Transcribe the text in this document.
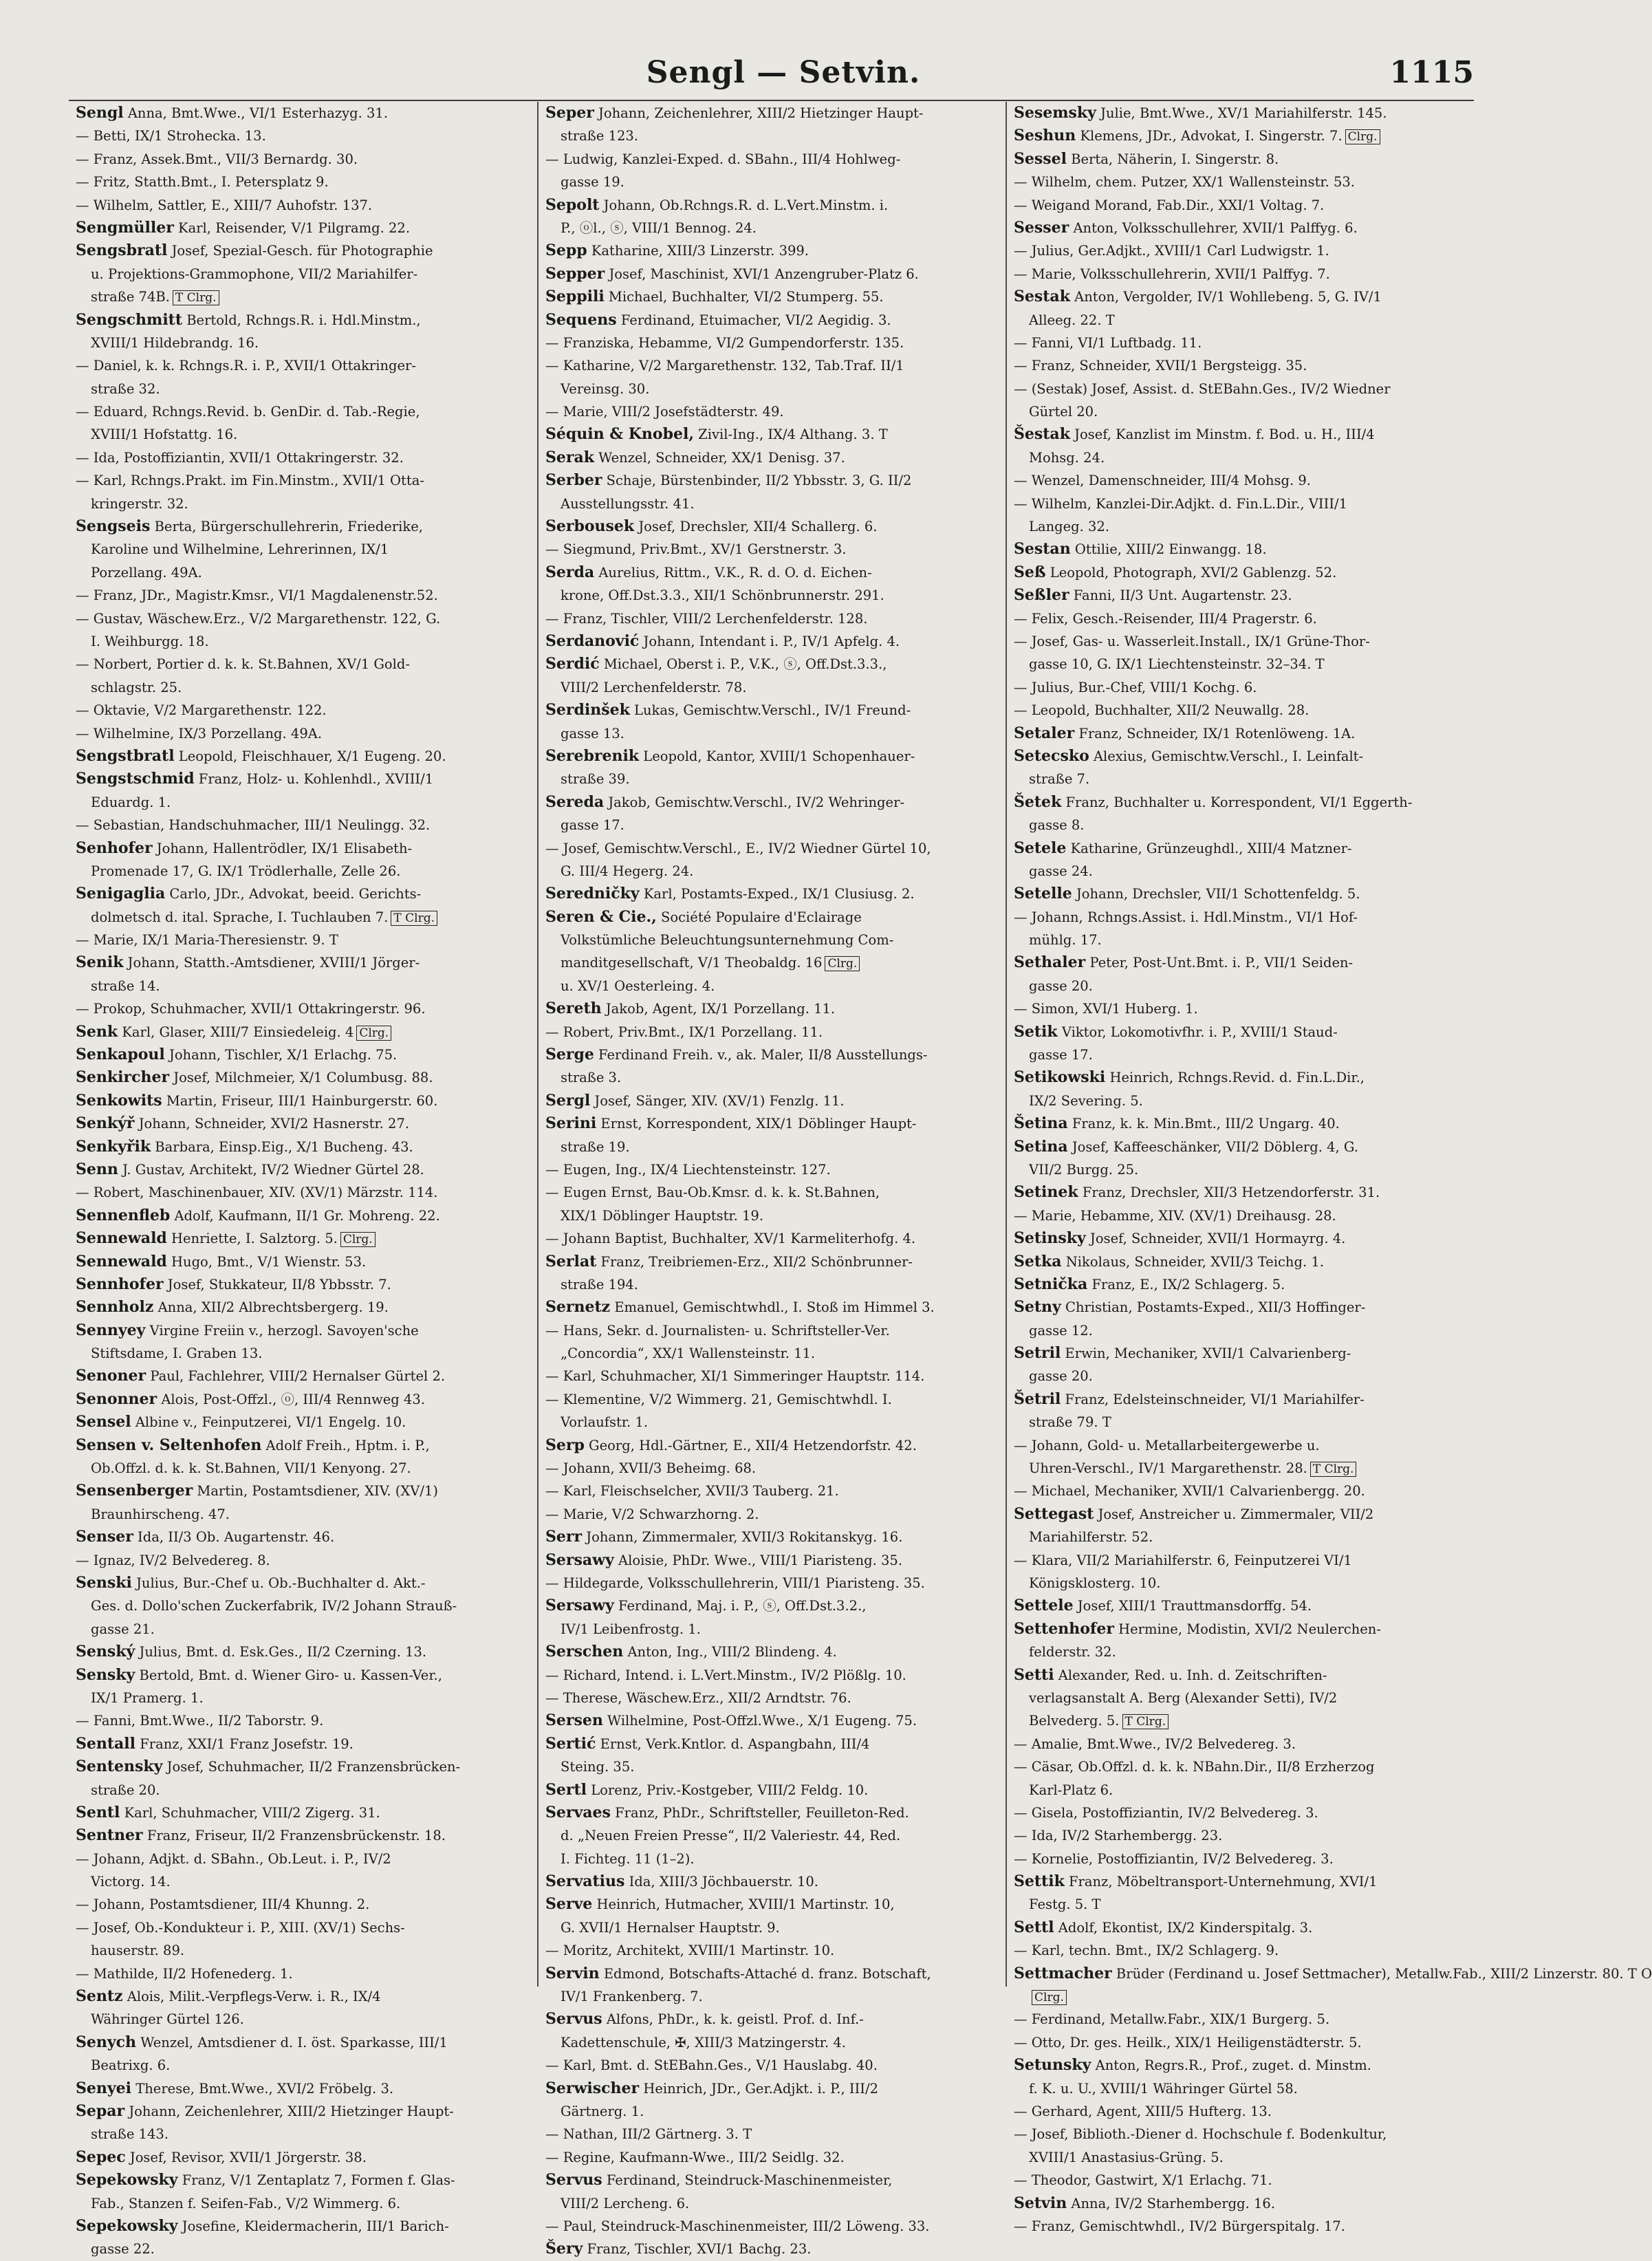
Sengl — Setvin.	1115
Sengl Anna, Bmt.Wwe., VI/1 Esterhazyg. 31.
— Betti, IX/1 Strohecka. 13.
— Franz, Assek.Bmt., VII/3 Bernardg. 30.
— Fritz, Statth.Bmt., I. Petersplatz 9.
— Wilhelm, Sattler, E., XIII/7 Auhofstr. 137.
Sengmüller Karl, Reisender, V/1 Pilgramg. 22.
Sengsbratl Josef, Spezial-Gesch. für Photographie
u. Projektions-Grammophone, VII/2 Mariahilfer-
straße 74B. T Clrg.
Sengschmitt Bertold, Rchngs.R. i. Hdl.Minstm.,
XVIII/1 Hildebrandg. 16.
— Daniel, k. k. Rchngs.R. i. P., XVII/1 Ottakringer-
straße 32.
— Eduard, Rchngs.Revid. b. GenDir. d. Tab.-Regie,
XVIII/1 Hofstattg. 16.
— Ida, Postoffiziantin, XVII/1 Ottakringerstr. 32.
— Karl, Rchngs.Prakt. im Fin.Minstm., XVII/1 Otta-
kringerstr. 32.
Sengseis Berta, Bürgerschullehrerin, Friederike,
Karoline und Wilhelmine, Lehrerinnen, IX/1
Porzellang. 49A.
— Franz, JDr., Magistr.Kmsr., VI/1 Magdalenenstr.52.
— Gustav, Wäschew.Erz., V/2 Margarethenstr. 122, G.
I. Weihburgg. 18.
— Norbert, Portier d. k. k. St.Bahnen, XV/1 Gold-
schlagstr. 25.
— Oktavie, V/2 Margarethenstr. 122.
— Wilhelmine, IX/3 Porzellang. 49A.
Sengstbratl Leopold, Fleischhauer, X/1 Eugeng. 20.
Sengstschmid Franz, Holz- u. Kohlenhdl., XVIII/1
Eduardg. 1.
— Sebastian, Handschuhmacher, III/1 Neulingg. 32.
Senhofer Johann, Hallentrödler, IX/1 Elisabeth-
Promenade 17, G. IX/1 Trödlerhalle, Zelle 26.
Senigaglia Carlo, JDr., Advokat, beeid. Gerichts-
dolmetsch d. ital. Sprache, I. Tuchlauben 7. T Clrg.
— Marie, IX/1 Maria-Theresienstr. 9. T
Senik Johann, Statth.-Amtsdiener, XVIII/1 Jörger-
straße 14.
— Prokop, Schuhmacher, XVII/1 Ottakringerstr. 96.
Senk Karl, Glaser, XIII/7 Einsiedeleig. 4 Clrg.
Senkapoul Johann, Tischler, X/1 Erlachg. 75.
Senkircher Josef, Milchmeier, X/1 Columbusg. 88.
Senkowits Martin, Friseur, III/1 Hainburgerstr. 60.
Senkýř Johann, Schneider, XVI/2 Hasnerstr. 27.
Senkyřik Barbara, Einsp.Eig., X/1 Bucheng. 43.
Senn J. Gustav, Architekt, IV/2 Wiedner Gürtel 28.
— Robert, Maschinenbauer, XIV. (XV/1) Märzstr. 114.
Sennenfleb Adolf, Kaufmann, II/1 Gr. Mohreng. 22.
Sennewald Henriette, I. Salztorg. 5. Clrg.
Sennewald Hugo, Bmt., V/1 Wienstr. 53.
Sennhofer Josef, Stukkateur, II/8 Ybbsstr. 7.
Sennholz Anna, XII/2 Albrechtsbergerg. 19.
Sennyey Virgine Freiin v., herzogl. Savoyen'sche
Stiftsdame, I. Graben 13.
Senoner Paul, Fachlehrer, VIII/2 Hernalser Gürtel 2.
Senonner Alois, Post-Offzl., ⓞ, III/4 Rennweg 43.
Sensel Albine v., Feinputzerei, VI/1 Engelg. 10.
Sensen v. Seltenhofen Adolf Freih., Hptm. i. P.,
Ob.Offzl. d. k. k. St.Bahnen, VII/1 Kenyong. 27.
Sensenberger Martin, Postamtsdiener, XIV. (XV/1)
Braunhirscheng. 47.
Senser Ida, II/3 Ob. Augartenstr. 46.
— Ignaz, IV/2 Belvedereg. 8.
Senski Julius, Bur.-Chef u. Ob.-Buchhalter d. Akt.-
Ges. d. Dollo'schen Zuckerfabrik, IV/2 Johann Strauß-
gasse 21.
Senský Julius, Bmt. d. Esk.Ges., II/2 Czerning. 13.
Sensky Bertold, Bmt. d. Wiener Giro- u. Kassen-Ver.,
IX/1 Pramerg. 1.
— Fanni, Bmt.Wwe., II/2 Taborstr. 9.
Sentall Franz, XXI/1 Franz Josefstr. 19.
Sentensky Josef, Schuhmacher, II/2 Franzensbrücken-
straße 20.
Sentl Karl, Schuhmacher, VIII/2 Zigerg. 31.
Sentner Franz, Friseur, II/2 Franzensbrückenstr. 18.
— Johann, Adjkt. d. SBahn., Ob.Leut. i. P., IV/2
Victorg. 14.
— Johann, Postamtsdiener, III/4 Khunng. 2.
— Josef, Ob.-Kondukteur i. P., XIII. (XV/1) Sechs-
hauserstr. 89.
— Mathilde, II/2 Hofenederg. 1.
Sentz Alois, Milit.-Verpflegs-Verw. i. R., IX/4
Währinger Gürtel 126.
Senych Wenzel, Amtsdiener d. I. öst. Sparkasse, III/1
Beatrixg. 6.
Senyei Therese, Bmt.Wwe., XVI/2 Fröbelg. 3.
Separ Johann, Zeichenlehrer, XIII/2 Hietzinger Haupt-
straße 143.
Sepec Josef, Revisor, XVII/1 Jörgerstr. 38.
Sepekowsky Franz, V/1 Zentaplatz 7, Formen f. Glas-
Fab., Stanzen f. Seifen-Fab., V/2 Wimmerg. 6.
Sepekowsky Josefine, Kleidermacherin, III/1 Barich-
gasse 22.
Seper Johann, Zeichenlehrer, XIII/2 Hietzinger Haupt-
straße 123.
— Ludwig, Kanzlei-Exped. d. SBahn., III/4 Hohlweg-
gasse 19.
Sepolt Johann, Ob.Rchngs.R. d. L.Vert.Minstm. i.
P., ⓞl., ⓢ, VIII/1 Bennog. 24.
Sepp Katharine, XIII/3 Linzerstr. 399.
Sepper Josef, Maschinist, XVI/1 Anzengruber-Platz 6.
Seppili Michael, Buchhalter, VI/2 Stumperg. 55.
Sequens Ferdinand, Etuimacher, VI/2 Aegidig. 3.
— Franziska, Hebamme, VI/2 Gumpendorferstr. 135.
— Katharine, V/2 Margarethenstr. 132, Tab.Traf. II/1
Vereinsg. 30.
— Marie, VIII/2 Josefstädterstr. 49.
Séquin & Knobel, Zivil-Ing., IX/4 Althang. 3. T
Serak Wenzel, Schneider, XX/1 Denisg. 37.
Serber Schaje, Bürstenbinder, II/2 Ybbsstr. 3, G. II/2
Ausstellungsstr. 41.
Serbousek Josef, Drechsler, XII/4 Schallerg. 6.
— Siegmund, Priv.Bmt., XV/1 Gerstnerstr. 3.
Serda Aurelius, Rittm., V.K., R. d. O. d. Eichen-
krone, Off.Dst.3.3., XII/1 Schönbrunnerstr. 291.
— Franz, Tischler, VIII/2 Lerchenfelderstr. 128.
Serdanović Johann, Intendant i. P., IV/1 Apfelg. 4.
Serdić Michael, Oberst i. P., V.K., ⓢ, Off.Dst.3.3.,
VIII/2 Lerchenfelderstr. 78.
Serdinšek Lukas, Gemischtw.Verschl., IV/1 Freund-
gasse 13.
Serebrenik Leopold, Kantor, XVIII/1 Schopenhauer-
straße 39.
Sereda Jakob, Gemischtw.Verschl., IV/2 Wehringer-
gasse 17.
— Josef, Gemischtw.Verschl., E., IV/2 Wiedner Gürtel 10,
G. III/4 Hegerg. 24.
Seredničky Karl, Postamts-Exped., IX/1 Clusiusg. 2.
Seren & Cie., Société Populaire d'Eclairage
Volkstümliche Beleuchtungsunternehmung Com-
manditgesellschaft, V/1 Theobaldg. 16 Clrg.
u. XV/1 Oesterleing. 4.
Sereth Jakob, Agent, IX/1 Porzellang. 11.
— Robert, Priv.Bmt., IX/1 Porzellang. 11.
Serge Ferdinand Freih. v., ak. Maler, II/8 Ausstellungs-
straße 3.
Sergl Josef, Sänger, XIV. (XV/1) Fenzlg. 11.
Serini Ernst, Korrespondent, XIX/1 Döblinger Haupt-
straße 19.
— Eugen, Ing., IX/4 Liechtensteinstr. 127.
— Eugen Ernst, Bau-Ob.Kmsr. d. k. k. St.Bahnen,
XIX/1 Döblinger Hauptstr. 19.
— Johann Baptist, Buchhalter, XV/1 Karmeliterhofg. 4.
Serlat Franz, Treibriemen-Erz., XII/2 Schönbrunner-
straße 194.
Sernetz Emanuel, Gemischtwhdl., I. Stoß im Himmel 3.
— Hans, Sekr. d. Journalisten- u. Schriftsteller-Ver.
„Concordia“, XX/1 Wallensteinstr. 11.
— Karl, Schuhmacher, XI/1 Simmeringer Hauptstr. 114.
— Klementine, V/2 Wimmerg. 21, Gemischtwhdl. I.
Vorlaufstr. 1.
Serp Georg, Hdl.-Gärtner, E., XII/4 Hetzendorfstr. 42.
— Johann, XVII/3 Beheimg. 68.
— Karl, Fleischselcher, XVII/3 Tauberg. 21.
— Marie, V/2 Schwarzhorng. 2.
Serr Johann, Zimmermaler, XVII/3 Rokitanskyg. 16.
Sersawy Aloisie, PhDr. Wwe., VIII/1 Piaristeng. 35.
— Hildegarde, Volksschullehrerin, VIII/1 Piaristeng. 35.
Sersawy Ferdinand, Maj. i. P., ⓢ, Off.Dst.3.2.,
IV/1 Leibenfrostg. 1.
Serschen Anton, Ing., VIII/2 Blindeng. 4.
— Richard, Intend. i. L.Vert.Minstm., IV/2 Plößlg. 10.
— Therese, Wäschew.Erz., XII/2 Arndtstr. 76.
Sersen Wilhelmine, Post-Offzl.Wwe., X/1 Eugeng. 75.
Sertić Ernst, Verk.Kntlor. d. Aspangbahn, III/4
Steing. 35.
Sertl Lorenz, Priv.-Kostgeber, VIII/2 Feldg. 10.
Servaes Franz, PhDr., Schriftsteller, Feuilleton-Red.
d. „Neuen Freien Presse“, II/2 Valeriestr. 44, Red.
I. Fichteg. 11 (1–2).
Servatius Ida, XIII/3 Jöchbauerstr. 10.
Serve Heinrich, Hutmacher, XVIII/1 Martinstr. 10,
G. XVII/1 Hernalser Hauptstr. 9.
— Moritz, Architekt, XVIII/1 Martinstr. 10.
Servin Edmond, Botschafts-Attaché d. franz. Botschaft,
IV/1 Frankenberg. 7.
Servus Alfons, PhDr., k. k. geistl. Prof. d. Inf.-
Kadettenschule, ✠, XIII/3 Matzingerstr. 4.
— Karl, Bmt. d. StEBahn.Ges., V/1 Hauslabg. 40.
Serwischer Heinrich, JDr., Ger.Adjkt. i. P., III/2
Gärtnerg. 1.
— Nathan, III/2 Gärtnerg. 3. T
— Regine, Kaufmann-Wwe., III/2 Seidlg. 32.
Servus Ferdinand, Steindruck-Maschinenmeister,
VIII/2 Lercheng. 6.
— Paul, Steindruck-Maschinenmeister, III/2 Löweng. 33.
Šery Franz, Tischler, XVI/1 Bachg. 23.
Sesemsky Julie, Bmt.Wwe., XV/1 Mariahilferstr. 145.
Seshun Klemens, JDr., Advokat, I. Singerstr. 7. Clrg.
Sessel Berta, Näherin, I. Singerstr. 8.
— Wilhelm, chem. Putzer, XX/1 Wallensteinstr. 53.
— Weigand Morand, Fab.Dir., XXI/1 Voltag. 7.
Sesser Anton, Volksschullehrer, XVII/1 Palffyg. 6.
— Julius, Ger.Adjkt., XVIII/1 Carl Ludwigstr. 1.
— Marie, Volksschullehrerin, XVII/1 Palffyg. 7.
Sestak Anton, Vergolder, IV/1 Wohllebeng. 5, G. IV/1
Alleeg. 22. T
— Fanni, VI/1 Luftbadg. 11.
— Franz, Schneider, XVII/1 Bergsteigg. 35.
— (Sestak) Josef, Assist. d. StEBahn.Ges., IV/2 Wiedner
Gürtel 20.
Šestak Josef, Kanzlist im Minstm. f. Bod. u. H., III/4
Mohsg. 24.
— Wenzel, Damenschneider, III/4 Mohsg. 9.
— Wilhelm, Kanzlei-Dir.Adjkt. d. Fin.L.Dir., VIII/1
Langeg. 32.
Sestan Ottilie, XIII/2 Einwangg. 18.
Seß Leopold, Photograph, XVI/2 Gablenzg. 52.
Seßler Fanni, II/3 Unt. Augartenstr. 23.
— Felix, Gesch.-Reisender, III/4 Pragerstr. 6.
— Josef, Gas- u. Wasserleit.Install., IX/1 Grüne-Thor-
gasse 10, G. IX/1 Liechtensteinstr. 32–34. T
— Julius, Bur.-Chef, VIII/1 Kochg. 6.
— Leopold, Buchhalter, XII/2 Neuwallg. 28.
Setaler Franz, Schneider, IX/1 Rotenlöweng. 1A.
Setecsko Alexius, Gemischtw.Verschl., I. Leinfalt-
straße 7.
Šetek Franz, Buchhalter u. Korrespondent, VI/1 Eggerth-
gasse 8.
Setele Katharine, Grünzeughdl., XIII/4 Matzner-
gasse 24.
Setelle Johann, Drechsler, VII/1 Schottenfeldg. 5.
— Johann, Rchngs.Assist. i. Hdl.Minstm., VI/1 Hof-
mühlg. 17.
Sethaler Peter, Post-Unt.Bmt. i. P., VII/1 Seiden-
gasse 20.
— Simon, XVI/1 Huberg. 1.
Setik Viktor, Lokomotivfhr. i. P., XVIII/1 Staud-
gasse 17.
Setikowski Heinrich, Rchngs.Revid. d. Fin.L.Dir.,
IX/2 Severing. 5.
Šetina Franz, k. k. Min.Bmt., III/2 Ungarg. 40.
Setina Josef, Kaffeeschänker, VII/2 Döblerg. 4, G.
VII/2 Burgg. 25.
Setinek Franz, Drechsler, XII/3 Hetzendorferstr. 31.
— Marie, Hebamme, XIV. (XV/1) Dreihausg. 28.
Setinsky Josef, Schneider, XVII/1 Hormayrg. 4.
Setka Nikolaus, Schneider, XVII/3 Teichg. 1.
Setnička Franz, E., IX/2 Schlagerg. 5.
Setny Christian, Postamts-Exped., XII/3 Hoffinger-
gasse 12.
Setril Erwin, Mechaniker, XVII/1 Calvarienberg-
gasse 20.
Šetril Franz, Edelsteinschneider, VI/1 Mariahilfer-
straße 79. T
— Johann, Gold- u. Metallarbeitergewerbe u.
Uhren-Verschl., IV/1 Margarethenstr. 28. T Clrg.
— Michael, Mechaniker, XVII/1 Calvarienbergg. 20.
Settegast Josef, Anstreicher u. Zimmermaler, VII/2
Mariahilferstr. 52.
— Klara, VII/2 Mariahilferstr. 6, Feinputzerei VI/1
Königsklosterg. 10.
Settele Josef, XIII/1 Trauttmansdorffg. 54.
Settenhofer Hermine, Modistin, XVI/2 Neulerchen-
felderstr. 32.
Setti Alexander, Red. u. Inh. d. Zeitschriften-
verlagsanstalt A. Berg (Alexander Setti), IV/2
Belvederg. 5. T Clrg.
— Amalie, Bmt.Wwe., IV/2 Belvedereg. 3.
— Cäsar, Ob.Offzl. d. k. k. NBahn.Dir., II/8 Erzherzog
Karl-Platz 6.
— Gisela, Postoffiziantin, IV/2 Belvedereg. 3.
— Ida, IV/2 Starhembergg. 23.
— Kornelie, Postoffiziantin, IV/2 Belvedereg. 3.
Settik Franz, Möbeltransport-Unternehmung, XVI/1
Festg. 5. T
Settl Adolf, Ekontist, IX/2 Kinderspitalg. 3.
— Karl, techn. Bmt., IX/2 Schlagerg. 9.
Settmacher Brüder (Ferdinand u. Josef Settmacher), Metallw.Fab., XIII/2 Linzerstr. 80. T O
Clrg.
— Ferdinand, Metallw.Fabr., XIX/1 Burgerg. 5.
— Otto, Dr. ges. Heilk., XIX/1 Heiligenstädterstr. 5.
Setunsky Anton, Regrs.R., Prof., zuget. d. Minstm.
f. K. u. U., XVIII/1 Währinger Gürtel 58.
— Gerhard, Agent, XIII/5 Hufterg. 13.
— Josef, Biblioth.-Diener d. Hochschule f. Bodenkultur,
XVIII/1 Anastasius-Grüng. 5.
— Theodor, Gastwirt, X/1 Erlachg. 71.
Setvin Anna, IV/2 Starhembergg. 16.
— Franz, Gemischtwhdl., IV/2 Bürgerspitalg. 17.
